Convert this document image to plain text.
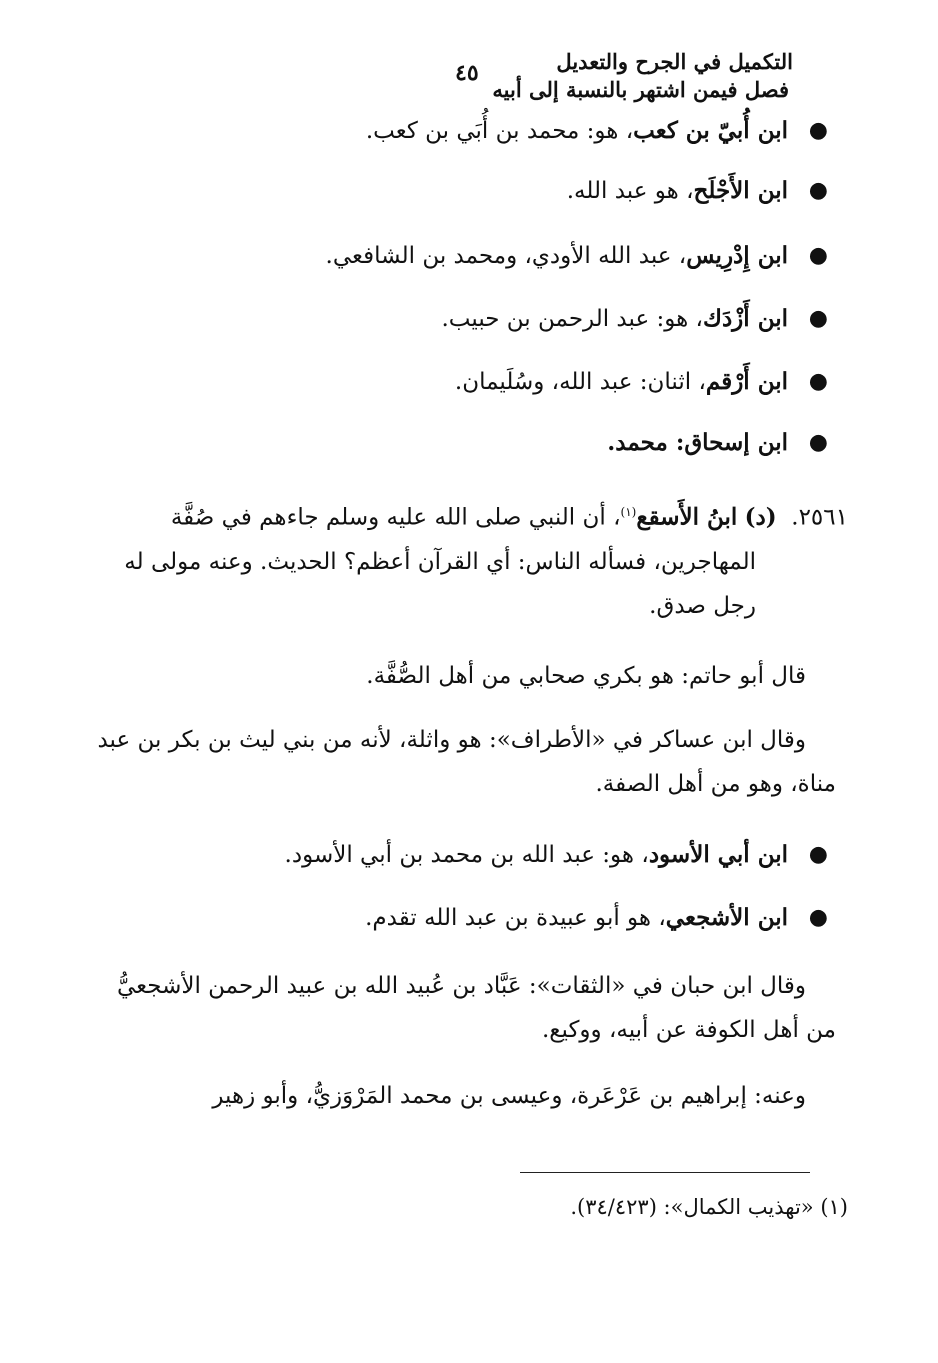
التكميل في الجرح والتعديل
فصل فيمن اشتهر بالنسبة إلى أبيه
٤٥
●
ابن أُبيّ بن كعب، هو: محمد بن أُبَي بن كعب.
●
ابن الأَجْلَح، هو عبد الله.
●
ابن إِدْرِيس، عبد الله الأودي، ومحمد بن الشافعي.
●
ابن أَزْدَك، هو: عبد الرحمن بن حبيب.
●
ابن أَرْقم، اثنان: عبد الله، وسُلَيمان.
●
ابن إسحاق: محمد.
٢٥٦١.  (د) ابنُ الأَسقع$^{(١)}$، أن النبي صلى الله عليه وسلم جاءهم في صُفَّة
المهاجرين، فسأله الناس: أي القرآن أعظم؟ الحديث. وعنه مولى له
رجل صدق.
قال أبو حاتم: هو بكري صحابي من أهل الصُّفَّة.
وقال ابن عساكر في «الأطراف»: هو واثلة، لأنه من بني ليث بن بكر بن عبد
مناة، وهو من أهل الصفة.
●
ابن أبي الأسود، هو: عبد الله بن محمد بن أبي الأسود.
●
ابن الأشجعي، هو أبو عبيدة بن عبد الله تقدم.
وقال ابن حبان في «الثقات»: عَبَّاد بن عُبيد الله بن عبيد الرحمن الأشجعيُّ
من أهل الكوفة عن أبيه، ووكيع.
وعنه: إبراهيم بن عَرْعَرة، وعيسى بن محمد المَرْوَزيُّ، وأبو زهير
(١) «تهذيب الكمال»: (٣٤/٤٢٣).
